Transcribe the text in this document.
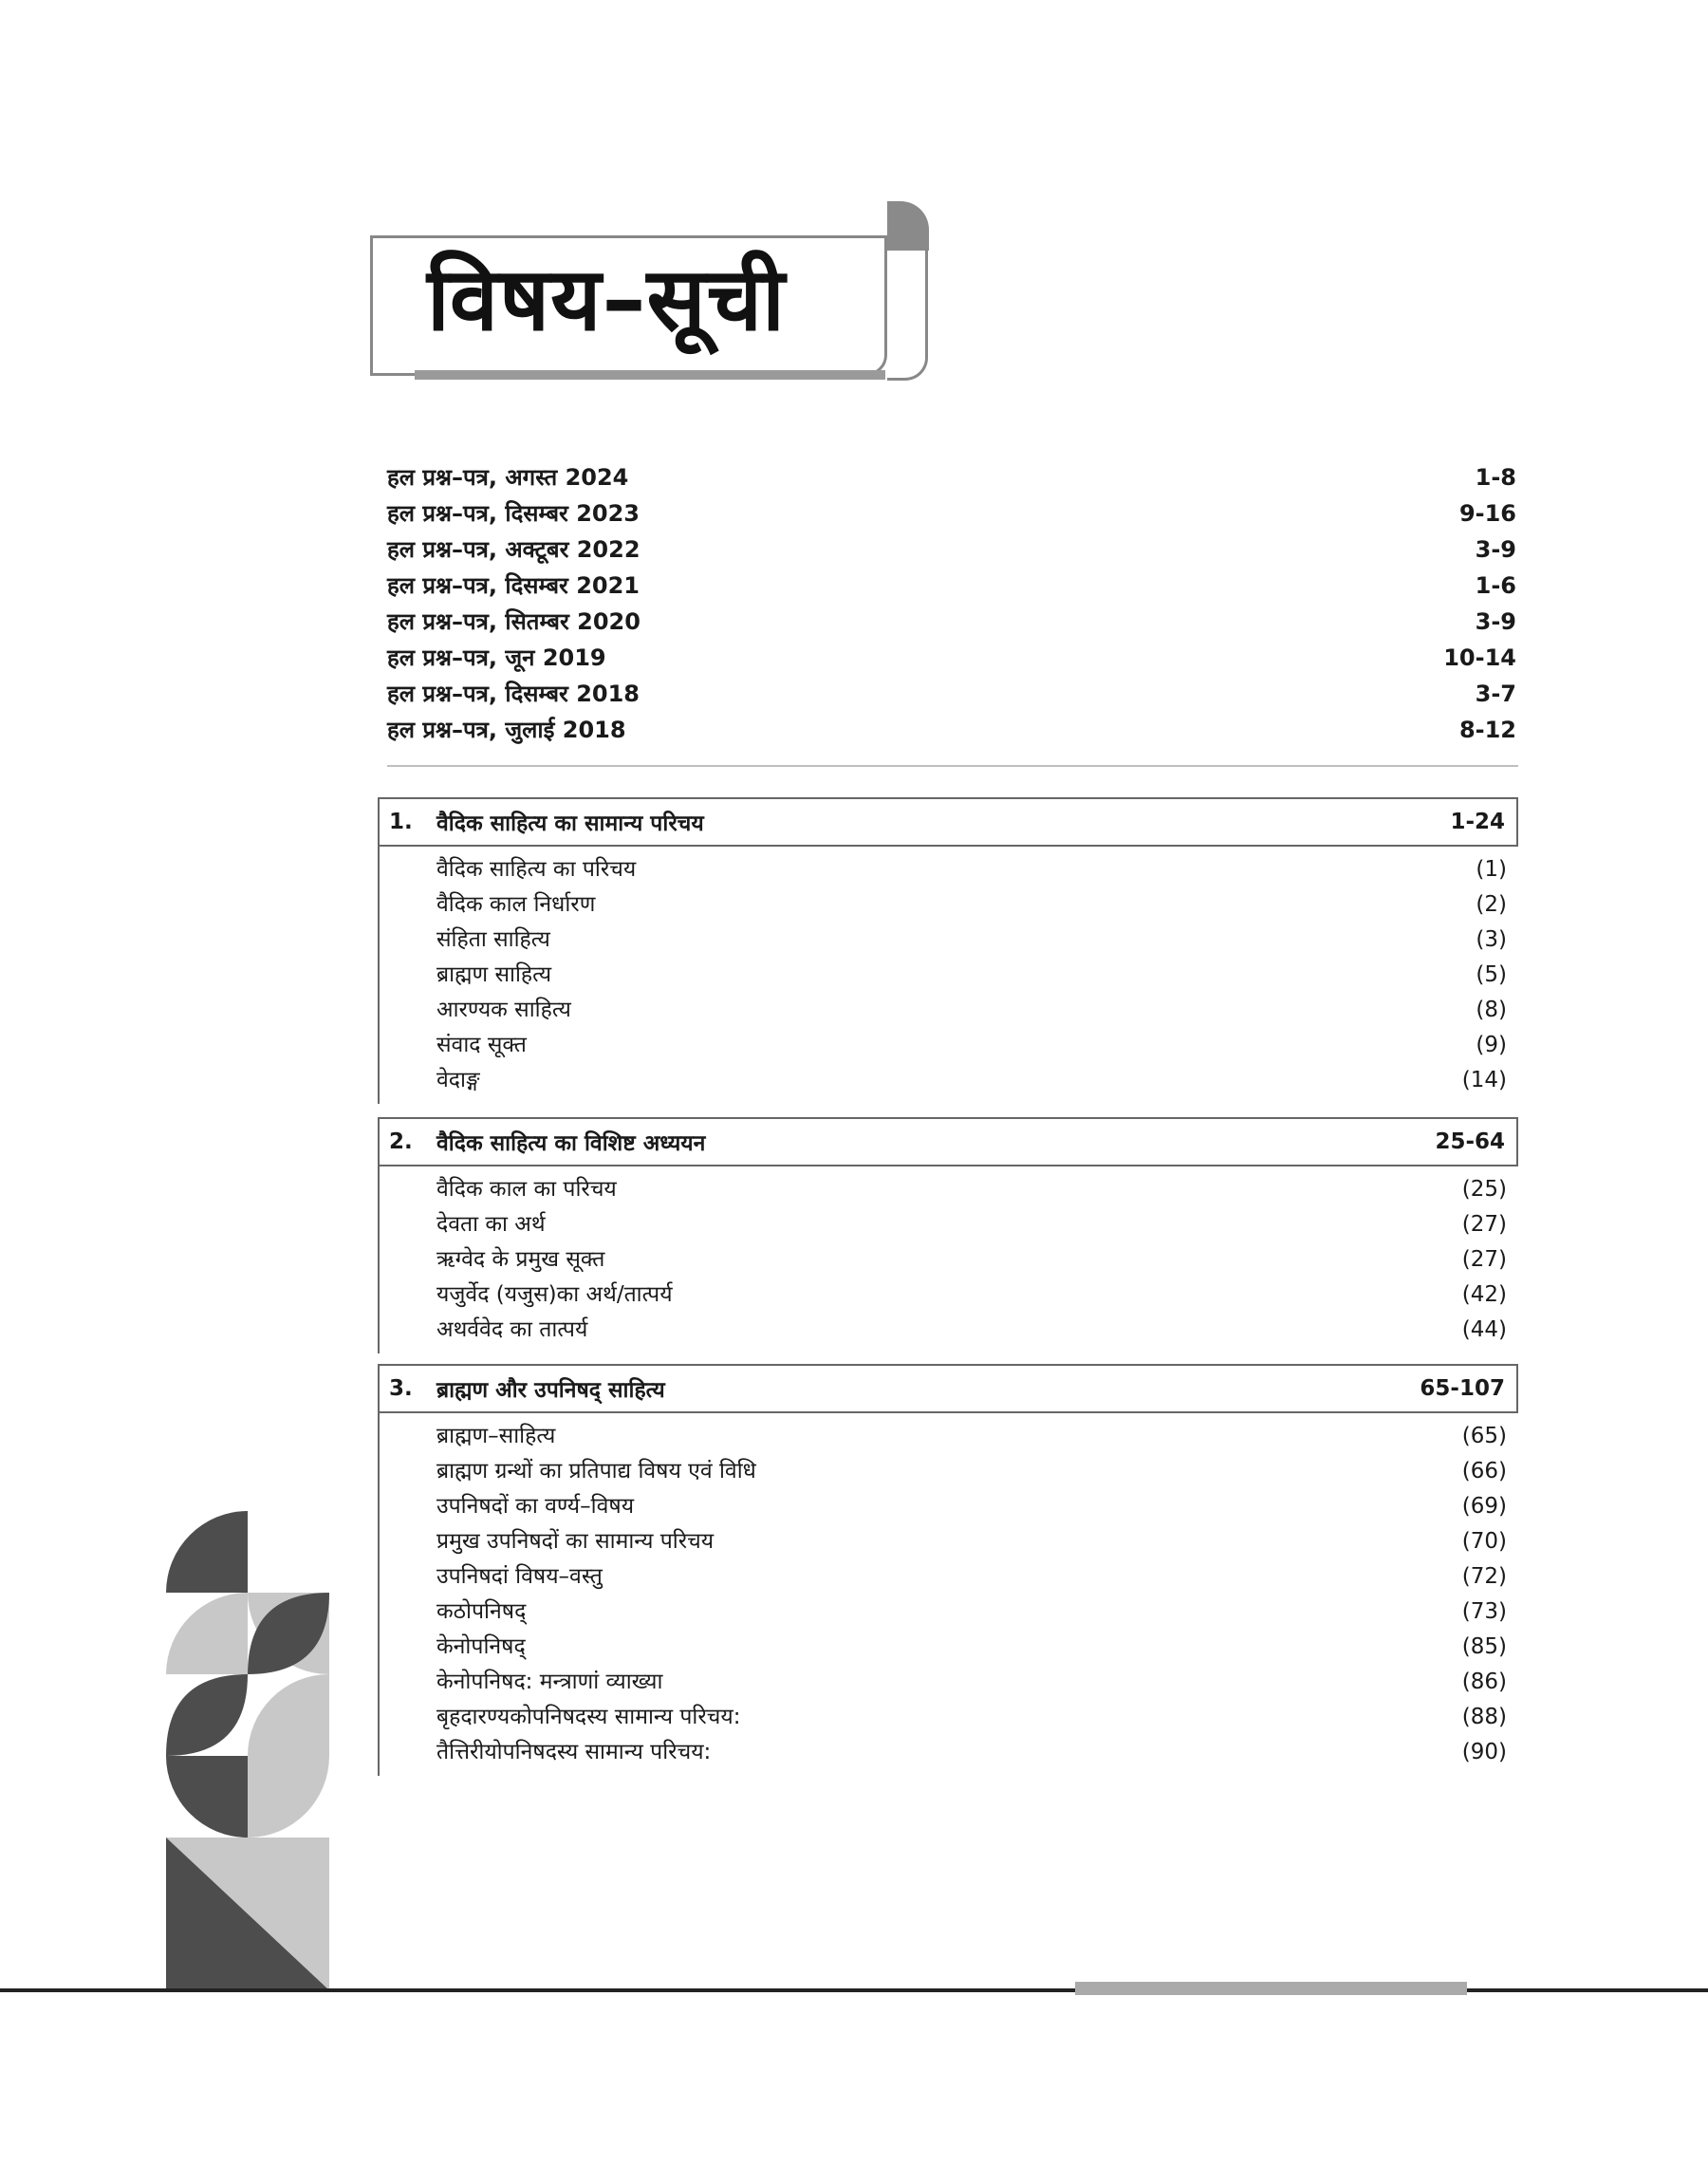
विषय–सूची
हल प्रश्न–पत्र, अगस्त 2024	1-8
हल प्रश्न–पत्र, दिसम्बर 2023	9-16
हल प्रश्न–पत्र, अक्टूबर 2022	3-9
हल प्रश्न–पत्र, दिसम्बर 2021	1-6
हल प्रश्न–पत्र, सितम्बर 2020	3-9
हल प्रश्न–पत्र, जून 2019	10-14
हल प्रश्न–पत्र, दिसम्बर 2018	3-7
हल प्रश्न–पत्र, जुलाई 2018	8-12
1.	वैदिक साहित्य का सामान्य परिचय	1-24
वैदिक साहित्य का परिचय	(1)
वैदिक काल निर्धारण	(2)
संहिता साहित्य	(3)
ब्राह्मण साहित्य	(5)
आरण्यक साहित्य	(8)
संवाद सूक्त	(9)
वेदाङ्ग	(14)
2.	वैदिक साहित्य का विशिष्ट अध्ययन	25-64
वैदिक काल का परिचय	(25)
देवता का अर्थ	(27)
ऋग्वेद के प्रमुख सूक्त	(27)
यजुर्वेद (यजुस)का अर्थ/तात्पर्य	(42)
अथर्ववेद का तात्पर्य	(44)
3.	ब्राह्मण और उपनिषद् साहित्य	65-107
ब्राह्मण–साहित्य	(65)
ब्राह्मण ग्रन्थों का प्रतिपाद्य विषय एवं विधि	(66)
उपनिषदों का वर्ण्य–विषय	(69)
प्रमुख उपनिषदों का सामान्य परिचय	(70)
उपनिषदां विषय–वस्तु	(72)
कठोपनिषद्	(73)
केनोपनिषद्	(85)
केनोपनिषद: मन्त्राणां व्याख्या	(86)
बृहदारण्यकोपनिषदस्य सामान्य परिचय:	(88)
तैत्तिरीयोपनिषदस्य सामान्य परिचय:	(90)
